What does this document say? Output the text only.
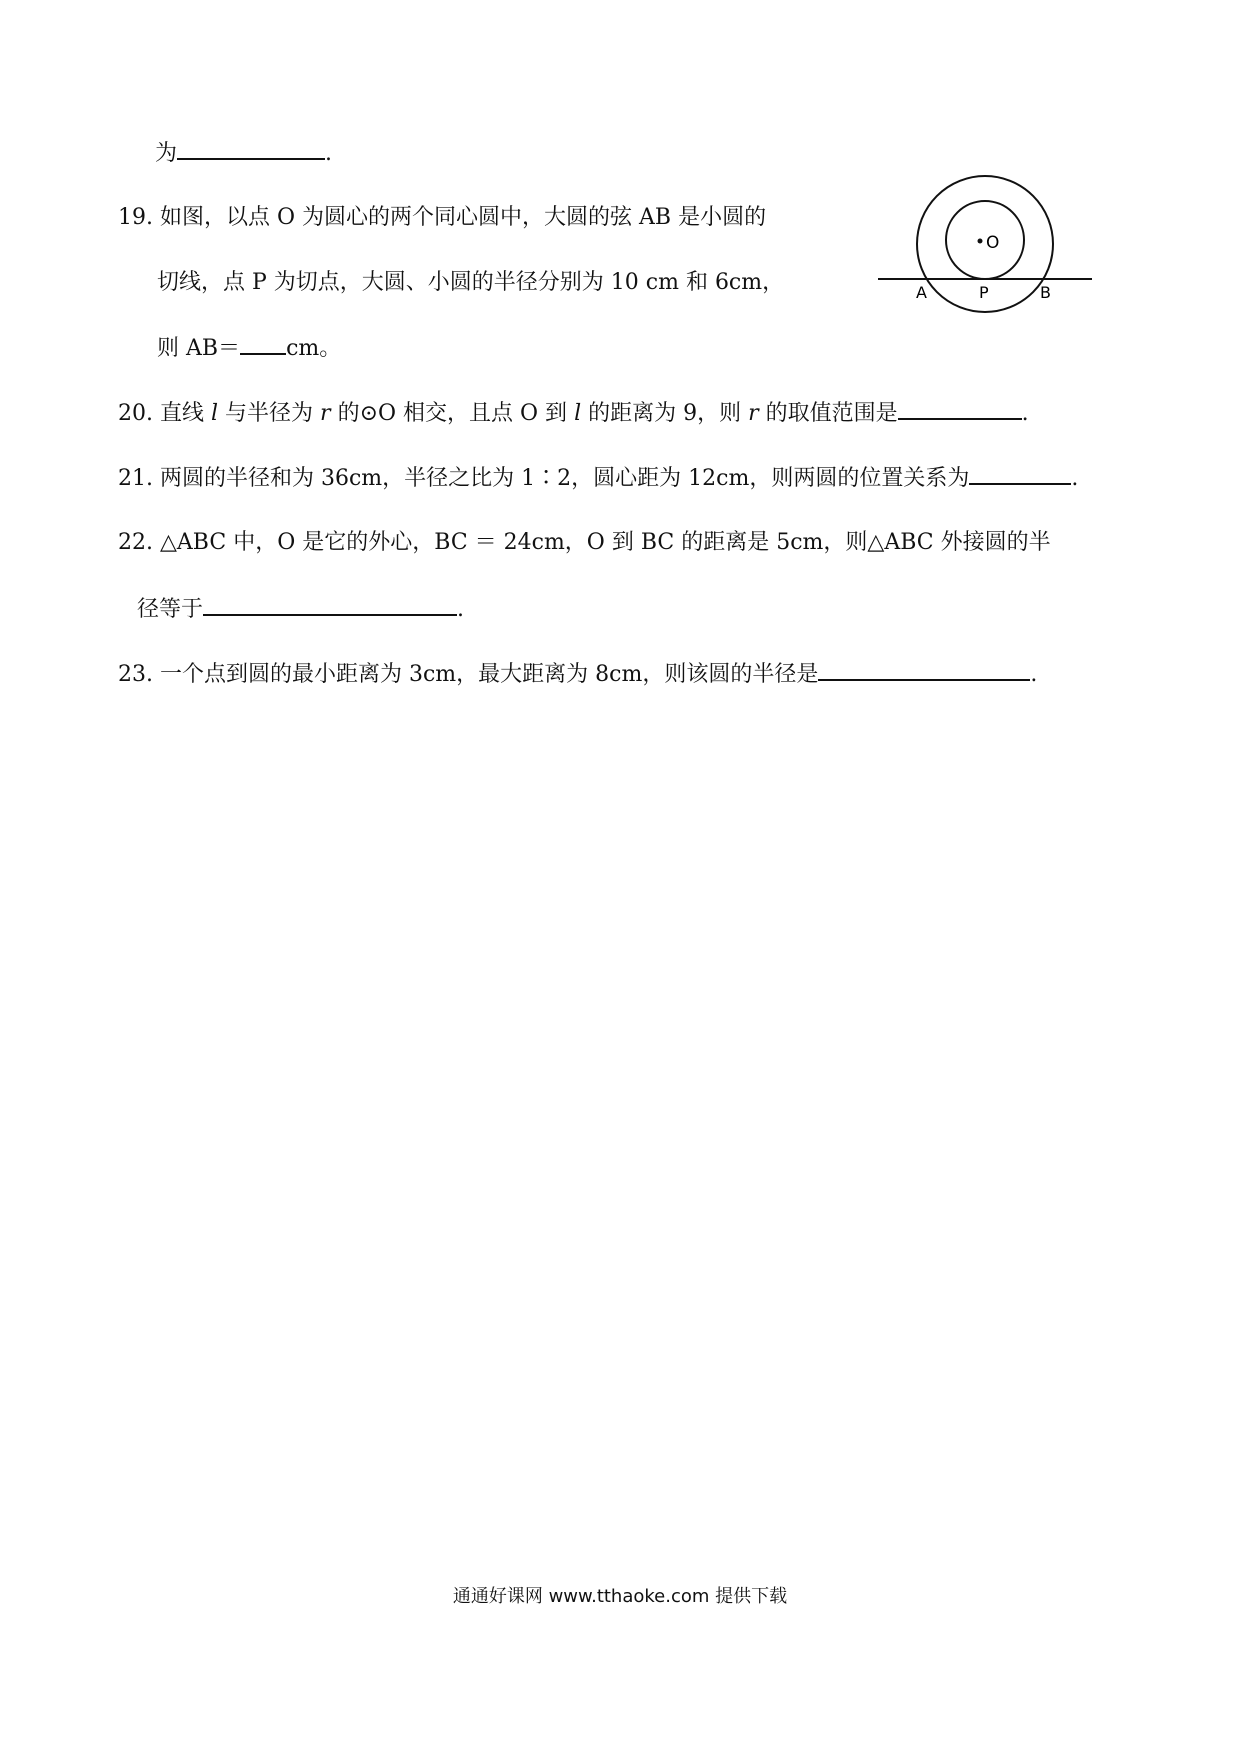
为	.
19. 如图，以点 O 为圆心的两个同心圆中，大圆的弦 AB 是小圆的
切线，点 P 为切点，大圆、小圆的半径分别为 10 cm 和 6cm，
则 AB＝ cm。
O
A	P	B
20. 直线 l 与半径为 r 的⊙O 相交，且点 O 到 l 的距离为 9，则 r 的取值范围是	.
21. 两圆的半径和为 36cm，半径之比为 1∶2，圆心距为 12cm，则两圆的位置关系为	.
22. △ABC 中，O 是它的外心，BC ＝ 24cm，O 到 BC 的距离是 5cm，则△ABC 外接圆的半
径等于	.
23. 一个点到圆的最小距离为 3cm，最大距离为 8cm，则该圆的半径是	.
通通好课网 www.tthaoke.com 提供下载
